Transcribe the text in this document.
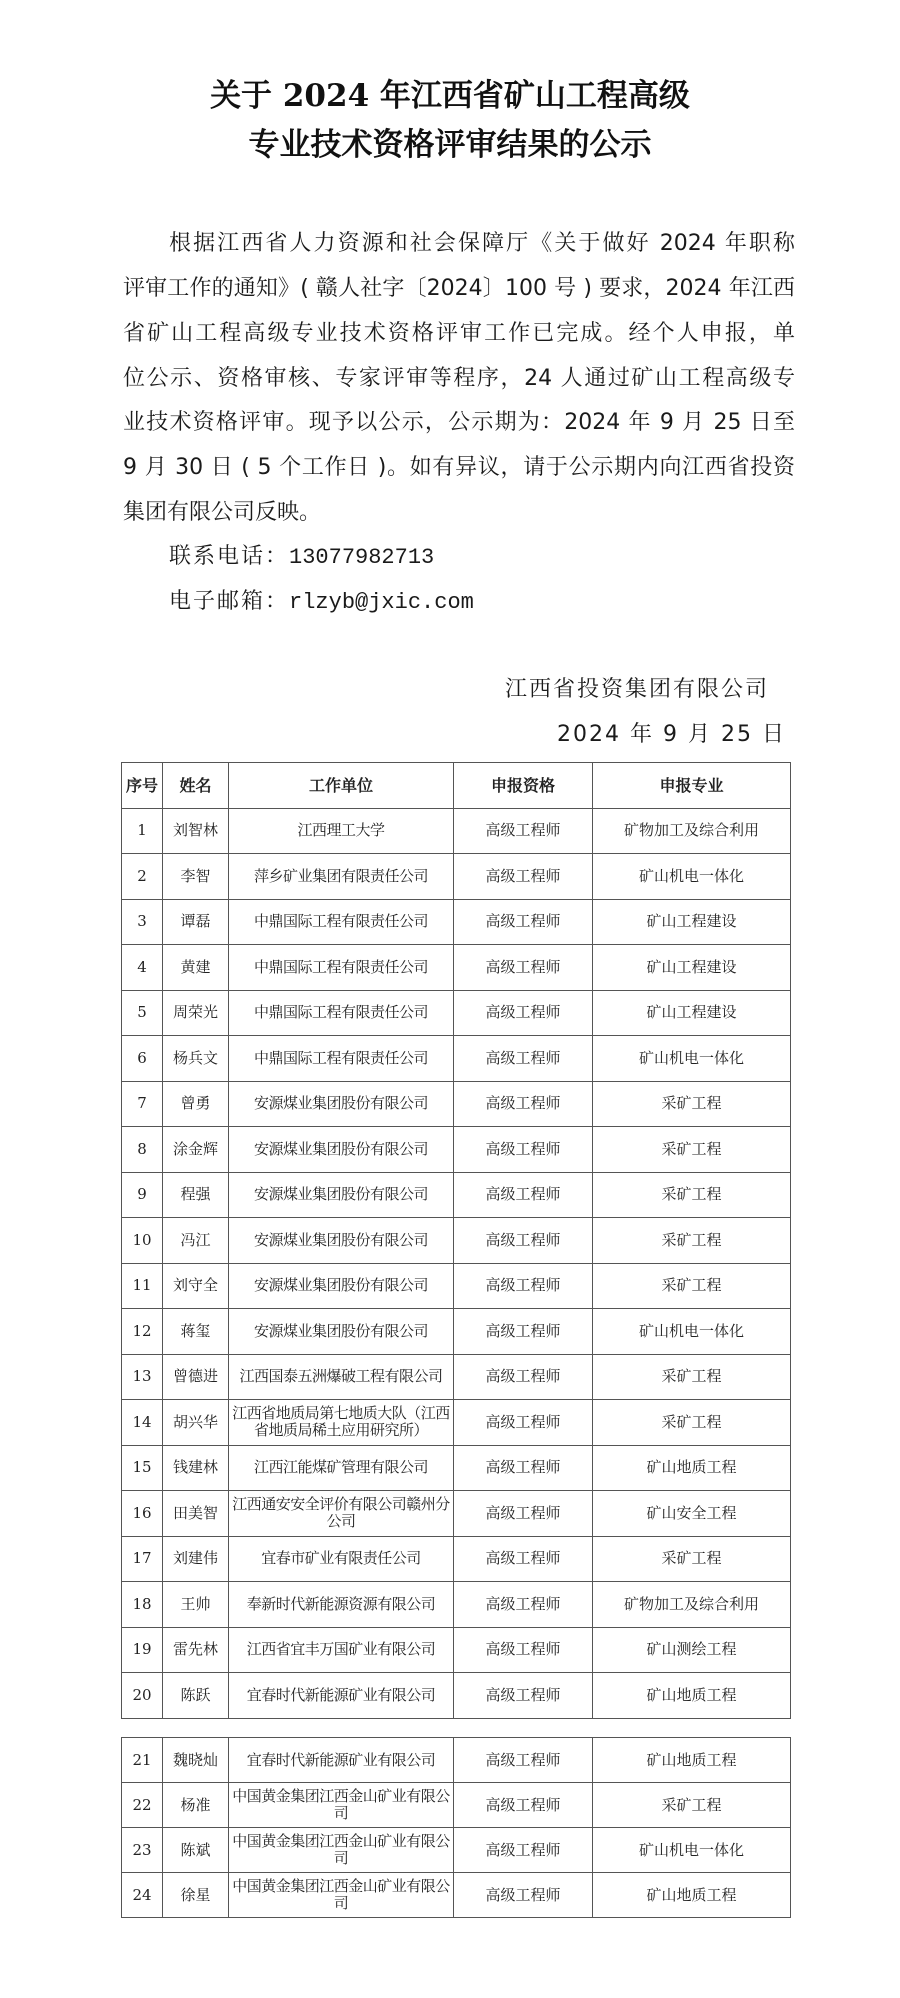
关于 2024 年江西省矿山工程高级
专业技术资格评审结果的公示
根据江西省人力资源和社会保障厅《关于做好 2024 年职称
评审工作的通知》( 赣人社字〔2024〕100 号 ) 要求，2024 年江西
省矿山工程高级专业技术资格评审工作已完成。经个人申报，单
位公示、资格审核、专家评审等程序，24 人通过矿山工程高级专
业技术资格评审。现予以公示，公示期为：2024 年 9 月 25 日至
9 月 30 日 ( 5 个工作日 )。如有异议，请于公示期内向江西省投资
集团有限公司反映。
联系电话：13077982713
电子邮箱：rlzyb@jxic.com
江西省投资集团有限公司
2024 年 9 月 25 日
序号	姓名	工作单位	申报资格	申报专业
1	刘智林	江西理工大学	高级工程师	矿物加工及综合利用
2	李智	萍乡矿业集团有限责任公司	高级工程师	矿山机电一体化
3	谭磊	中鼎国际工程有限责任公司	高级工程师	矿山工程建设
4	黄建	中鼎国际工程有限责任公司	高级工程师	矿山工程建设
5	周荣光	中鼎国际工程有限责任公司	高级工程师	矿山工程建设
6	杨兵文	中鼎国际工程有限责任公司	高级工程师	矿山机电一体化
7	曾勇	安源煤业集团股份有限公司	高级工程师	采矿工程
8	涂金辉	安源煤业集团股份有限公司	高级工程师	采矿工程
9	程强	安源煤业集团股份有限公司	高级工程师	采矿工程
10	冯江	安源煤业集团股份有限公司	高级工程师	采矿工程
11	刘守全	安源煤业集团股份有限公司	高级工程师	采矿工程
12	蒋玺	安源煤业集团股份有限公司	高级工程师	矿山机电一体化
13	曾德进	江西国泰五洲爆破工程有限公司	高级工程师	采矿工程
14	胡兴华	江西省地质局第七地质大队（江西省地质局稀土应用研究所）	高级工程师	采矿工程
15	钱建林	江西江能煤矿管理有限公司	高级工程师	矿山地质工程
16	田美智	江西通安安全评价有限公司赣州分公司	高级工程师	矿山安全工程
17	刘建伟	宜春市矿业有限责任公司	高级工程师	采矿工程
18	王帅	奉新时代新能源资源有限公司	高级工程师	矿物加工及综合利用
19	雷先林	江西省宜丰万国矿业有限公司	高级工程师	矿山测绘工程
20	陈跃	宜春时代新能源矿业有限公司	高级工程师	矿山地质工程
21	魏晓灿	宜春时代新能源矿业有限公司	高级工程师	矿山地质工程
22	杨准	中国黄金集团江西金山矿业有限公司	高级工程师	采矿工程
23	陈斌	中国黄金集团江西金山矿业有限公司	高级工程师	矿山机电一体化
24	徐星	中国黄金集团江西金山矿业有限公司	高级工程师	矿山地质工程
